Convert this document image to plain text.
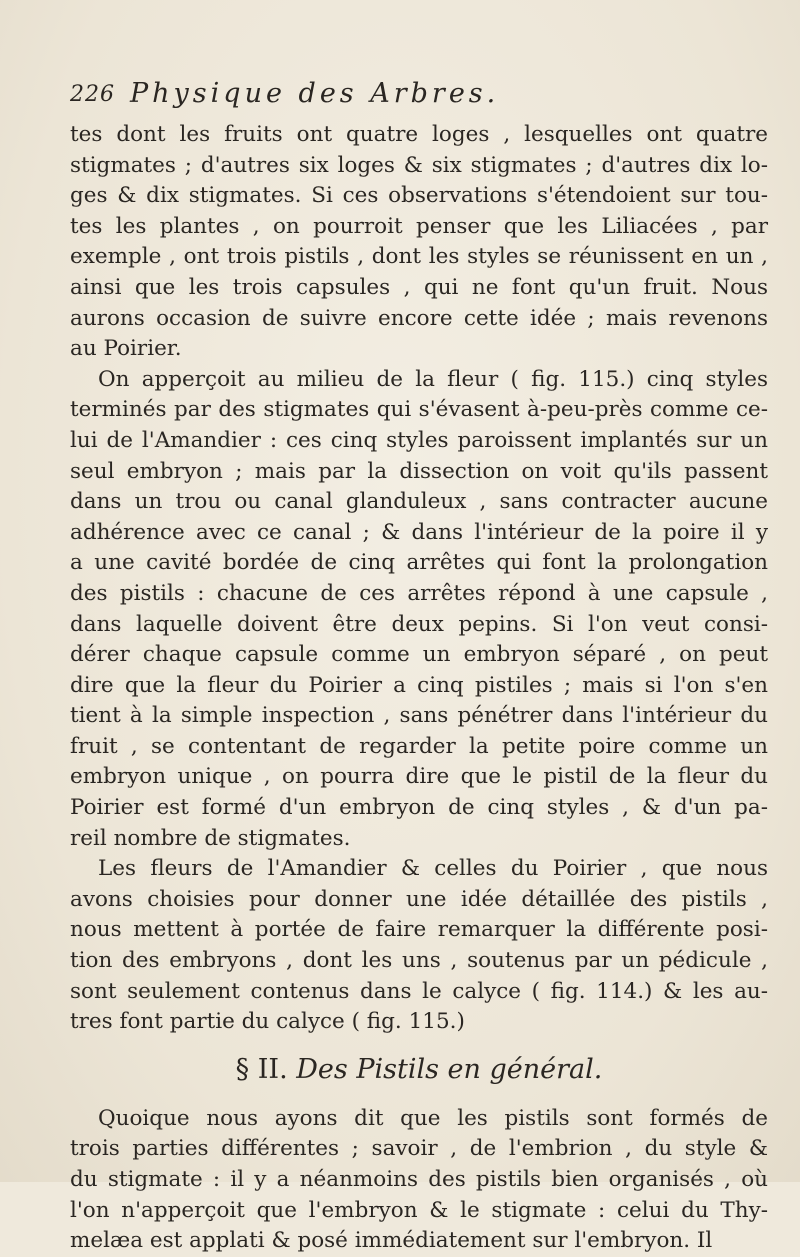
226 Physique des Arbres.
tes dont les fruits ont quatre loges , lesquelles ont quatre
stigmates ; d'autres six loges & six stigmates ; d'autres dix lo-
ges & dix stigmates. Si ces observations s'étendoient sur tou-
tes les plantes , on pourroit penser que les Liliacées , par
exemple , ont trois pistils , dont les styles se réunissent en un ,
ainsi que les trois capsules , qui ne font qu'un fruit. Nous
aurons occasion de suivre encore cette idée ; mais revenons
au Poirier.
On apperçoit au milieu de la fleur ( fig. 115.) cinq styles
terminés par des stigmates qui s'évasent à-peu-près comme ce-
lui de l'Amandier : ces cinq styles paroissent implantés sur un
seul embryon ; mais par la dissection on voit qu'ils passent
dans un trou ou canal glanduleux , sans contracter aucune
adhérence avec ce canal ; & dans l'intérieur de la poire il y
a une cavité bordée de cinq arrêtes qui font la prolongation
des pistils : chacune de ces arrêtes répond à une capsule ,
dans laquelle doivent être deux pepins. Si l'on veut consi-
dérer chaque capsule comme un embryon séparé , on peut
dire que la fleur du Poirier a cinq pistiles ; mais si l'on s'en
tient à la simple inspection , sans pénétrer dans l'intérieur du
fruit , se contentant de regarder la petite poire comme un
embryon unique , on pourra dire que le pistil de la fleur du
Poirier est formé d'un embryon de cinq styles , & d'un pa-
reil nombre de stigmates.
Les fleurs de l'Amandier & celles du Poirier , que nous
avons choisies pour donner une idée détaillée des pistils ,
nous mettent à portée de faire remarquer la différente posi-
tion des embryons , dont les uns , soutenus par un pédicule ,
sont seulement contenus dans le calyce ( fig. 114.) & les au-
tres font partie du calyce ( fig. 115.)
§ II. Des Pistils en général.
Quoique nous ayons dit que les pistils sont formés de
trois parties différentes ; savoir , de l'embrion , du style &
du stigmate : il y a néanmoins des pistils bien organisés , où
l'on n'apperçoit que l'embryon & le stigmate : celui du Thy-
melæa est applati & posé immédiatement sur l'embryon. Il
